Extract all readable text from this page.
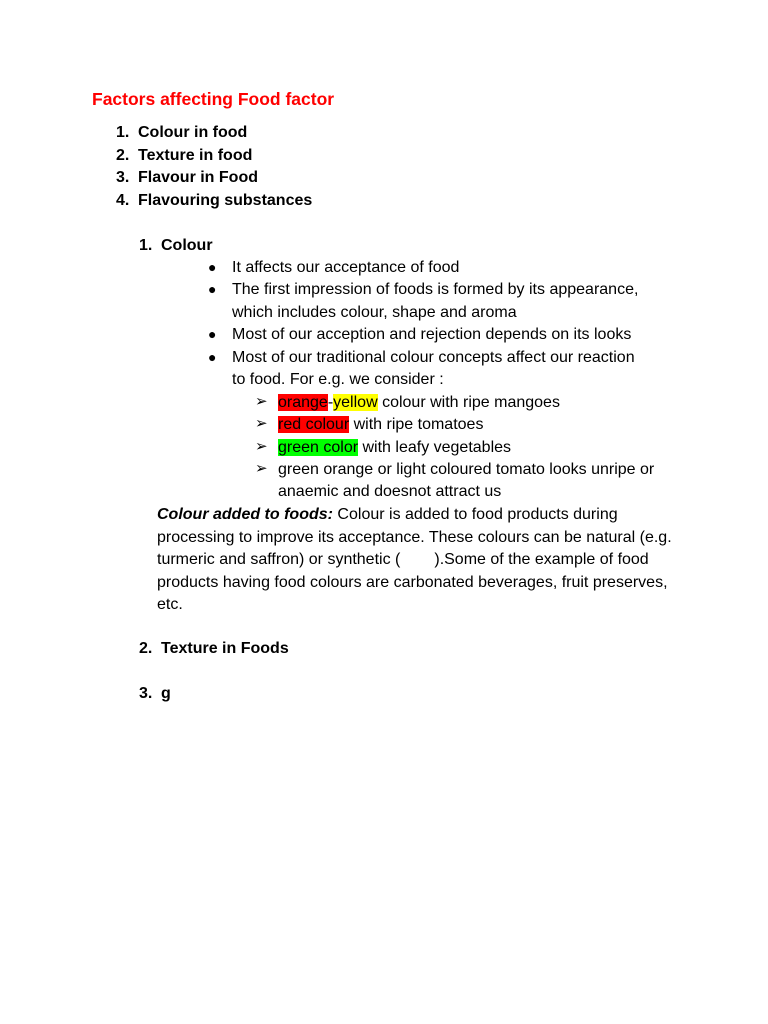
Factors affecting Food factor
1. Colour in food
2. Texture in food
3. Flavour in Food
4. Flavouring substances
1. Colour
● It affects our acceptance of food
● The first impression of foods is formed by its appearance,
which includes colour, shape and aroma
● Most of our acception and rejection depends on its looks
● Most of our traditional colour concepts affect our reaction
to food. For e.g. we consider :
➢ orange-yellow colour with ripe mangoes
➢ red colour with ripe tomatoes
➢ green color with leafy vegetables
➢ green orange or light coloured tomato looks unripe or
anaemic and doesnot attract us
Colour added to foods: Colour is added to food products during processing to improve its acceptance. These colours can be natural (e.g. turmeric and saffron) or synthetic ( ).Some of the example of food products having food colours are carbonated beverages, fruit preserves, etc.
2. Texture in Foods
3. g
